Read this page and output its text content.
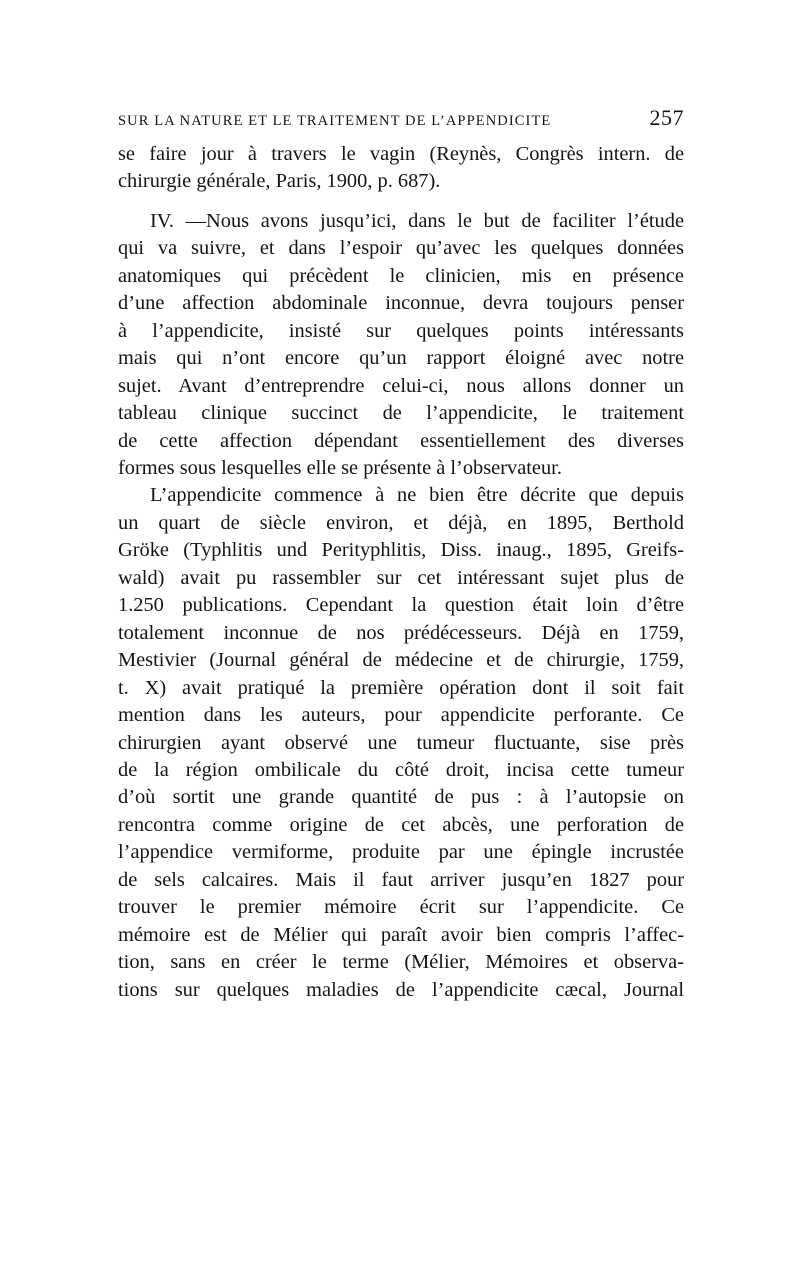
SUR LA NATURE ET LE TRAITEMENT DE L’APPENDICITE	257

se faire jour à travers le vagin (Reynès, Congrès intern. de
chirurgie générale, Paris, 1900, p. 687).

IV. —Nous avons jusqu’ici, dans le but de faciliter l’étude
qui va suivre, et dans l’espoir qu’avec les quelques données
anatomiques qui précèdent le clinicien, mis en présence
d’une affection abdominale inconnue, devra toujours penser
à l’appendicite, insisté sur quelques points intéressants
mais qui n’ont encore qu’un rapport éloigné avec notre
sujet. Avant d’entreprendre celui-ci, nous allons donner un
tableau clinique succinct de l’appendicite, le traitement
de cette affection dépendant essentiellement des diverses
formes sous lesquelles elle se présente à l’observateur.

L’appendicite commence à ne bien être décrite que depuis
un quart de siècle environ, et déjà, en 1895, Berthold
Gröke (Typhlitis und Perityphlitis, Diss. inaug., 1895, Greifs-
wald) avait pu rassembler sur cet intéressant sujet plus de
1.250 publications. Cependant la question était loin d’être
totalement inconnue de nos prédécesseurs. Déjà en 1759,
Mestivier (Journal général de médecine et de chirurgie, 1759,
t. X) avait pratiqué la première opération dont il soit fait
mention dans les auteurs, pour appendicite perforante. Ce
chirurgien ayant observé une tumeur fluctuante, sise près
de la région ombilicale du côté droit, incisa cette tumeur
d’où sortit une grande quantité de pus : à l’autopsie on
rencontra comme origine de cet abcès, une perforation de
l’appendice vermiforme, produite par une épingle incrustée
de sels calcaires. Mais il faut arriver jusqu’en 1827 pour
trouver le premier mémoire écrit sur l’appendicite. Ce
mémoire est de Mélier qui paraît avoir bien compris l’affec-
tion, sans en créer le terme (Mélier, Mémoires et observa-
tions sur quelques maladies de l’appendicite cæcal, Journal
